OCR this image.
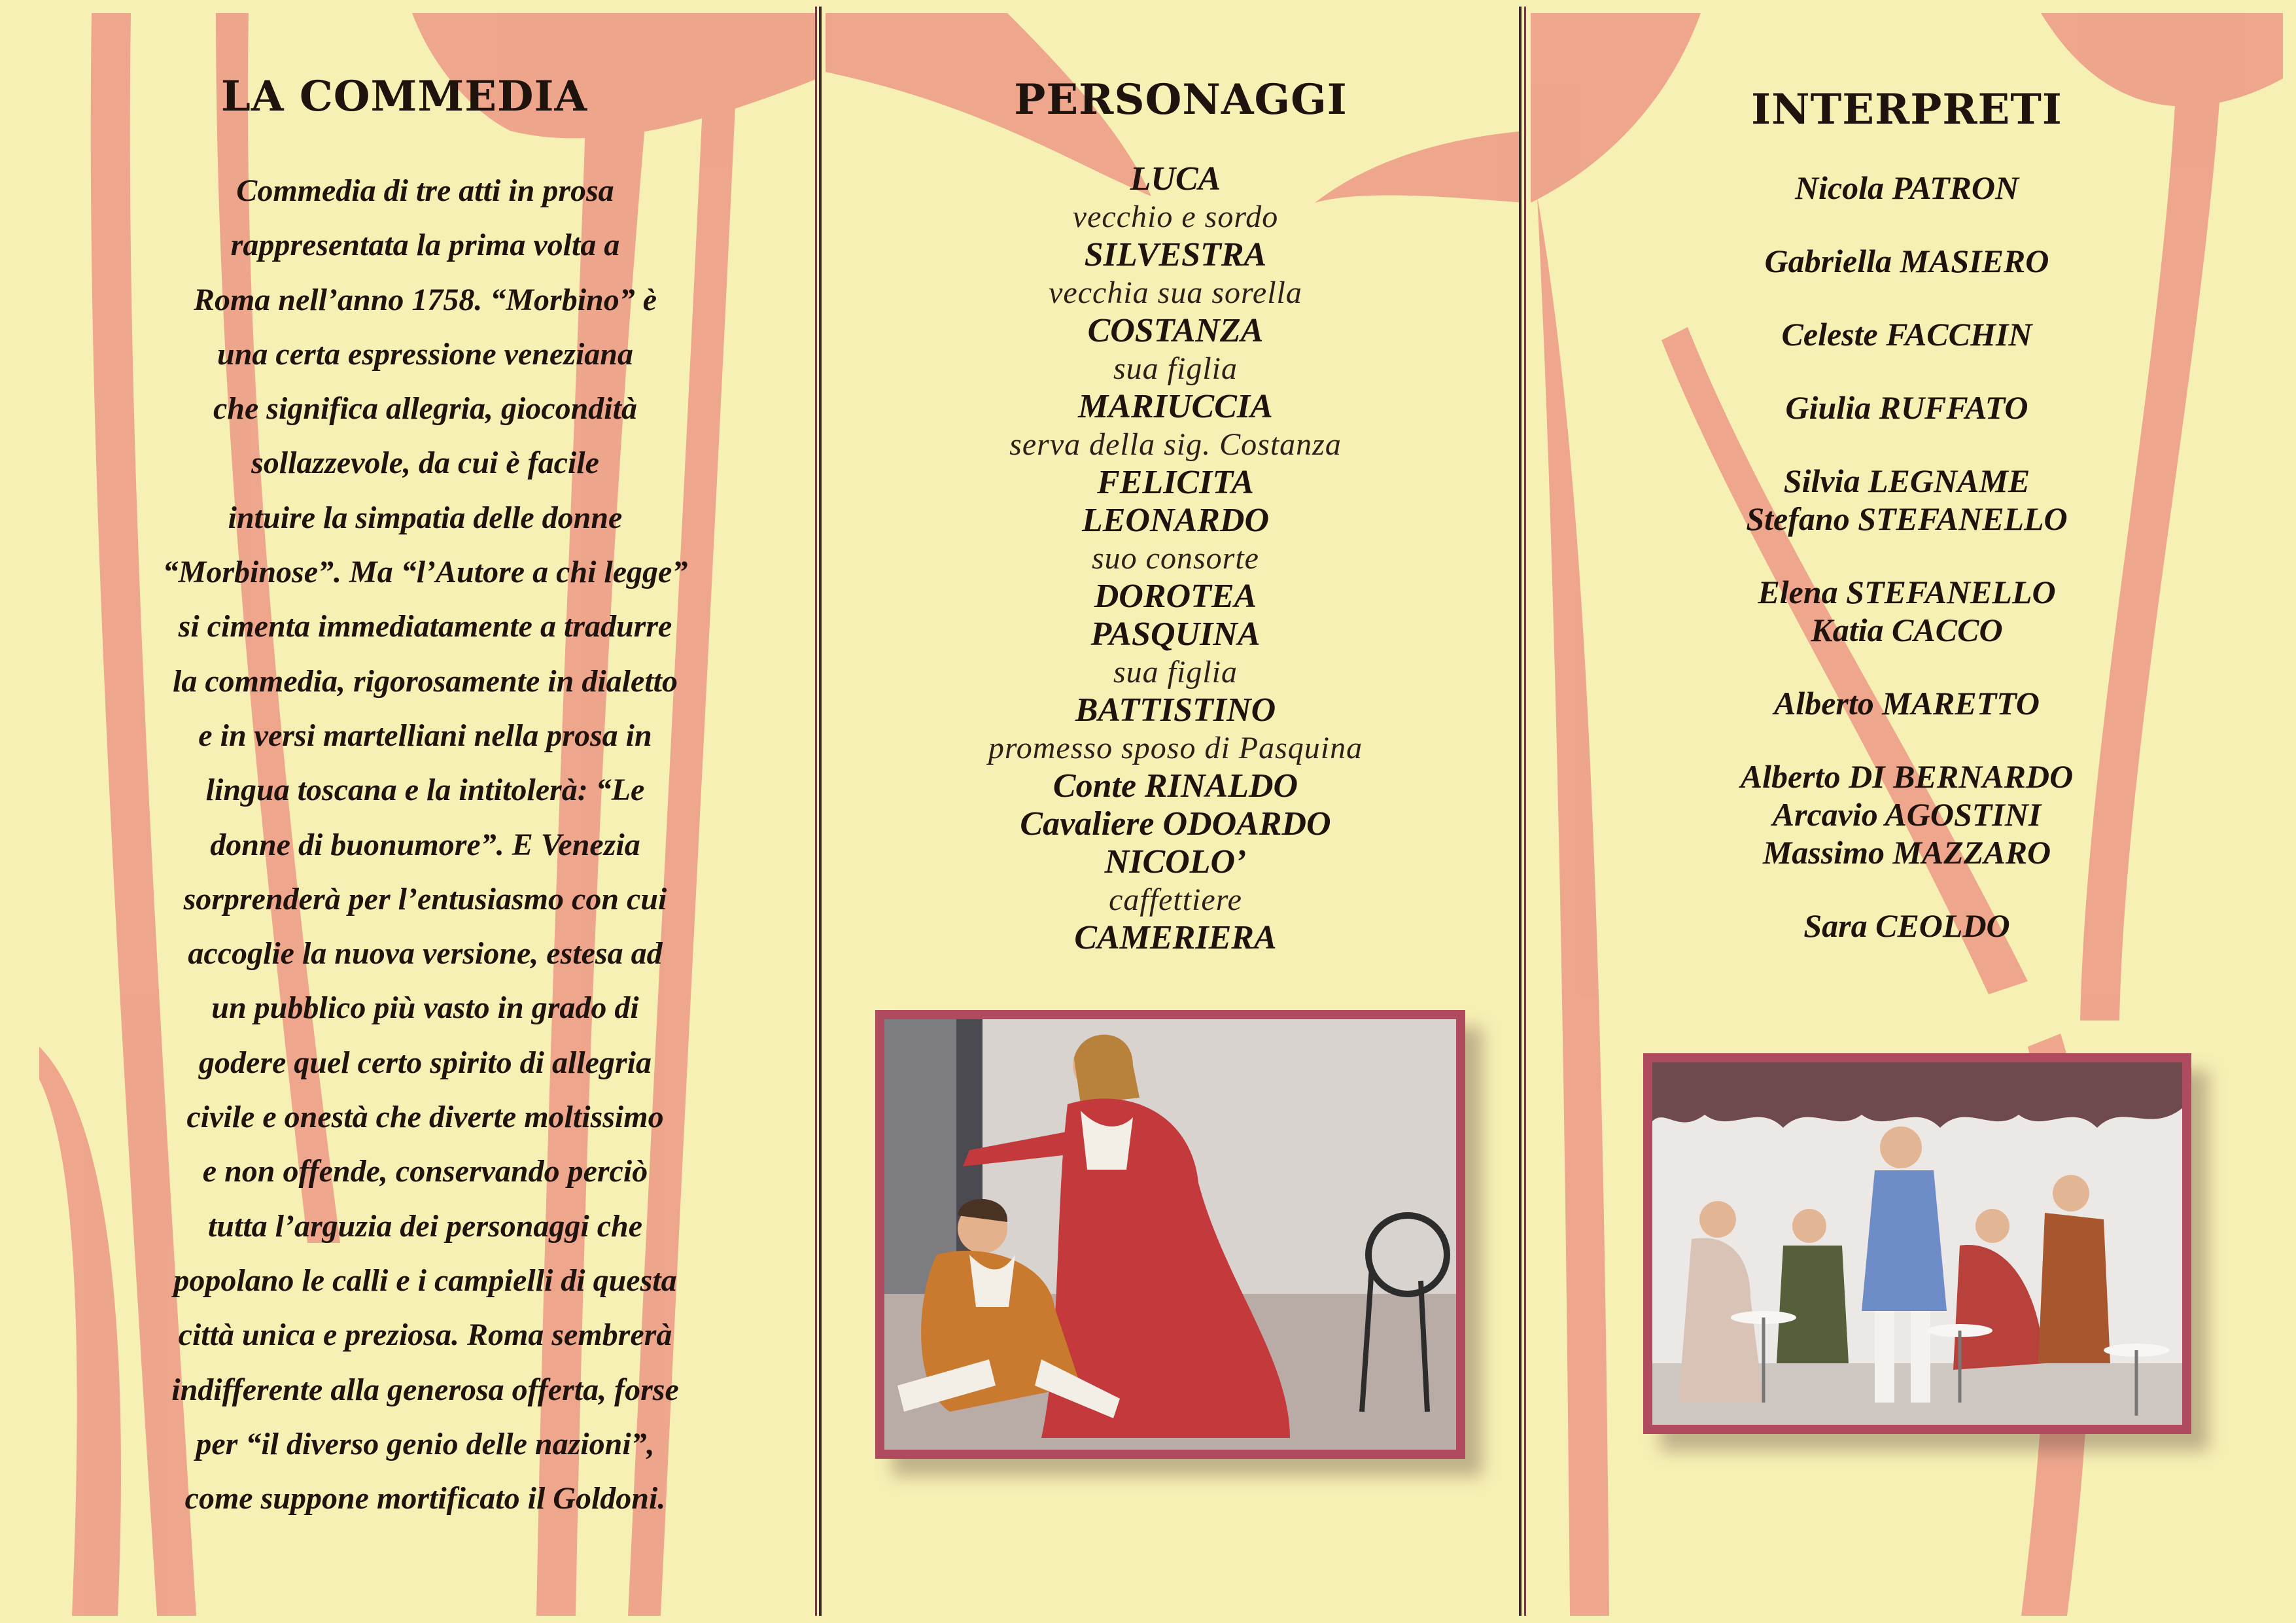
LA COMMEDIA
Commedia di tre atti in prosa
rappresentata la prima volta a
Roma nell’anno 1758. “Morbino” è
una certa espressione veneziana
che significa allegria, giocondità
sollazzevole, da cui è facile
intuire la simpatia delle donne
“Morbinose”. Ma “l’Autore a chi legge”
si cimenta immediatamente a tradurre
la commedia, rigorosamente in dialetto
e in versi martelliani nella prosa in
lingua toscana e la intitolerà: “Le
donne di buonumore”. E Venezia
sorprenderà per l’entusiasmo con cui
accoglie la nuova versione, estesa ad
un pubblico più vasto in grado di
godere quel certo spirito di allegria
civile e onestà che diverte moltissimo
e non offende, conservando perciò
tutta l’arguzia dei personaggi che
popolano le calli e i campielli di questa
città unica e preziosa. Roma sembrerà
indifferente alla generosa offerta, forse
per “il diverso genio delle nazioni”,
come suppone mortificato il Goldoni.
PERSONAGGI
LUCA
vecchio e sordo
SILVESTRA
vecchia sua sorella
COSTANZA
sua figlia
MARIUCCIA
serva della sig. Costanza
FELICITA
LEONARDO
suo consorte
DOROTEA
PASQUINA
sua figlia
BATTISTINO
promesso sposo di Pasquina
Conte RINALDO
Cavaliere ODOARDO
NICOLO’
caffettiere
CAMERIERA
INTERPRETI
Nicola PATRON
Gabriella MASIERO
Celeste FACCHIN
Giulia RUFFATO
Silvia LEGNAME
Stefano STEFANELLO
Elena STEFANELLO
Katia CACCO
Alberto MARETTO
Alberto DI BERNARDO
Arcavio AGOSTINI
Massimo MAZZARO
Sara CEOLDO
